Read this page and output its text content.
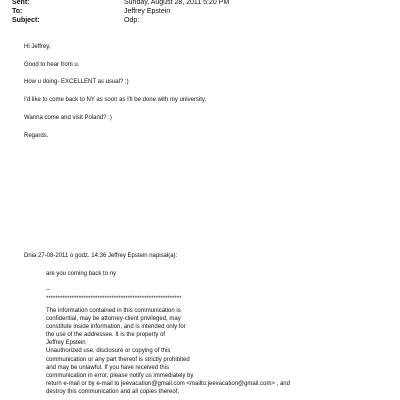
Sent:	Sunday, August 28, 2011 5:20 PM
To:	Jeffrey Epstein
Subject:	Odp:
Hi Jeffrey,
Good to hear from u.
How u doing- EXCELLENT as usual? :)
I'd like to come back to NY as soon as I'll be done with my university.
Wanna come and visit Poland? :)
Regards.
Dnia 27-08-2011 o godz. 14:36 Jeffrey Epstein napisał(a):
are you coming back to ny
--
**********************************************************
The information contained in this communication is
confidential, may be attorney-client privileged, may
constitute inside information, and is intended only for
the use of the addressee. It is the property of
Jeffrey Epstein
Unauthorized use, disclosure or copying of this
communication or any part thereof is strictly prohibited
and may be unlawful. If you have received this
communication in error, please notify us immediately by
return e-mail or by e-mail to jeevacation@gmail.com <mailto:jeevacation@gmail.com> , and
destroy this communication and all copies thereof,
